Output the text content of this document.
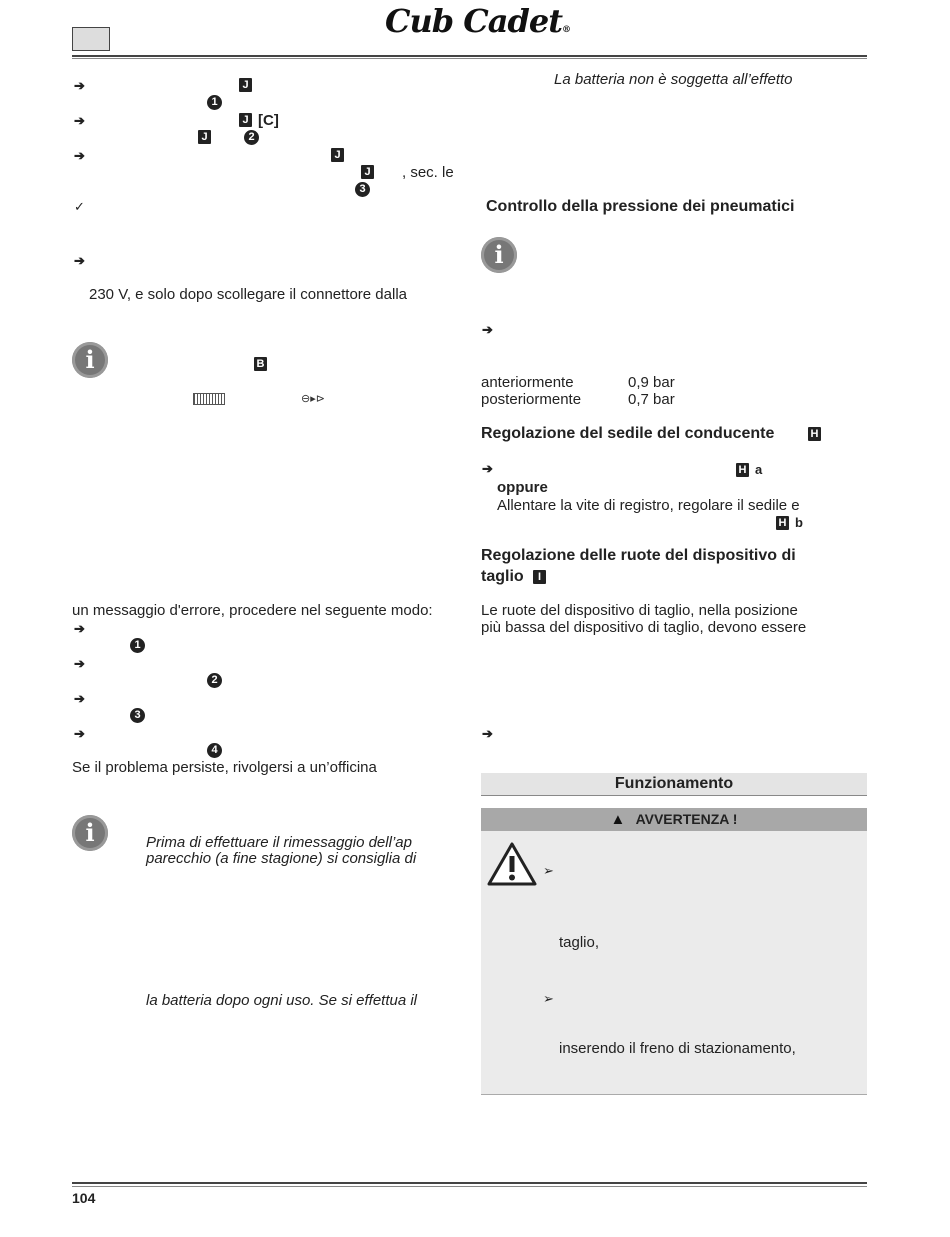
Cub Cadet®
➔	J
1
➔	J [C]
J	2
➔	J
J , sec. le
3
✓
➔
230 V, e solo dopo scollegare il connettore dalla
i	B
⊖▸⊳
un messaggio d'errore, procedere nel seguente modo:
➔
1
➔
2
➔
3
➔
4
Se il problema persiste, rivolgersi a un’officina
i	Prima di effettuare il rimessaggio dell’ap
parecchio (a fine stagione) si consiglia di
la batteria dopo ogni uso. Se si effettua il
La batteria non è soggetta all’effetto
Controllo della pressione dei pneumatici
i
➔
anteriormente	0,9 bar
posteriormente	0,7 bar
Regolazione del sedile del conducente	H
➔	H a
oppure
Allentare la vite di registro, regolare il sedile e
H b
Regolazione delle ruote del dispositivo di
taglio	I
Le ruote del dispositivo di taglio, nella posizione
più bassa del dispositivo di taglio, devono essere
➔
Funzionamento
▲ AVVERTENZA !
➢
taglio,
➢
inserendo il freno di stazionamento,
104
